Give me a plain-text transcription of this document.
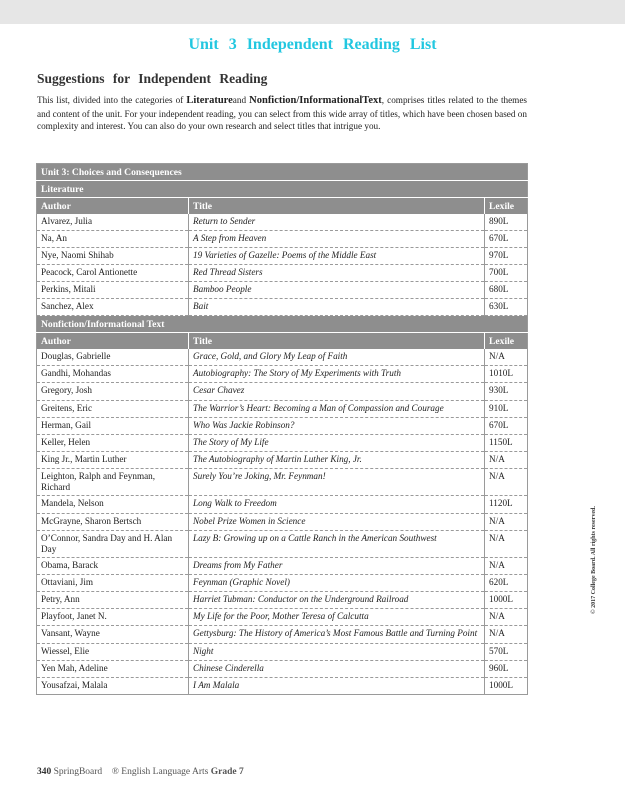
Unit 3 Independent Reading List
Suggestions for Independent Reading

This list, divided into the categories of Literatureand Nonfiction/InformationalText, comprises titles related to the themes and content of the unit. For your independent reading, you can select from this wide array of titles, which have been chosen based on complexity and interest. You can also do your own research and select titles that intrigue you.

Unit 3: Choices and Consequences		
Literature		
Author	Title	Lexile
Alvarez, Julia	Return to Sender	890L
Na, An	A Step from Heaven	670L
Nye, Naomi Shihab	19 Varieties of Gazelle: Poems of the Middle East	970L
Peacock, Carol Antionette	Red Thread Sisters	700L
Perkins, Mitali	Bamboo People	680L
Sanchez, Alex	Bait	630L
Nonfiction/Informational Text		
Author	Title	Lexile
Douglas, Gabrielle	Grace, Gold, and Glory My Leap of Faith	N/A
Gandhi, Mohandas	Autobiography: The Story of My Experiments with Truth	1010L
Gregory, Josh	Cesar Chavez	930L
Greitens, Eric	The Warrior’s Heart: Becoming a Man of Compassion and Courage	910L
Herman, Gail	Who Was Jackie Robinson?	670L
Keller, Helen	The Story of My Life	1150L
King Jr., Martin Luther	The Autobiography of Martin Luther King, Jr.	N/A
Leighton, Ralph and Feynman, Richard	Surely You’re Joking, Mr. Feynman!	N/A
Mandela, Nelson	Long Walk to Freedom	1120L
McGrayne, Sharon Bertsch	Nobel Prize Women in Science	N/A
O’Connor, Sandra Day and H. Alan Day	Lazy B: Growing up on a Cattle Ranch in the American Southwest	N/A
Obama, Barack	Dreams from My Father	N/A
Ottaviani, Jim	Feynman (Graphic Novel)	620L
Petry, Ann	Harriet Tubman: Conductor on the Underground Railroad	1000L
Playfoot, Janet N.	My Life for the Poor, Mother Teresa of Calcutta	N/A
Vansant, Wayne	Gettysburg: The History of America’s Most Famous Battle and Turning Point	N/A
Wiessel, Elie	Night	570L
Yen Mah, Adeline	Chinese Cinderella	960L
Yousafzai, Malala	I Am Malala	1000L
© 2017 College Board. All rights reserved.
340 SpringBoard ® English Language Arts Grade 7
